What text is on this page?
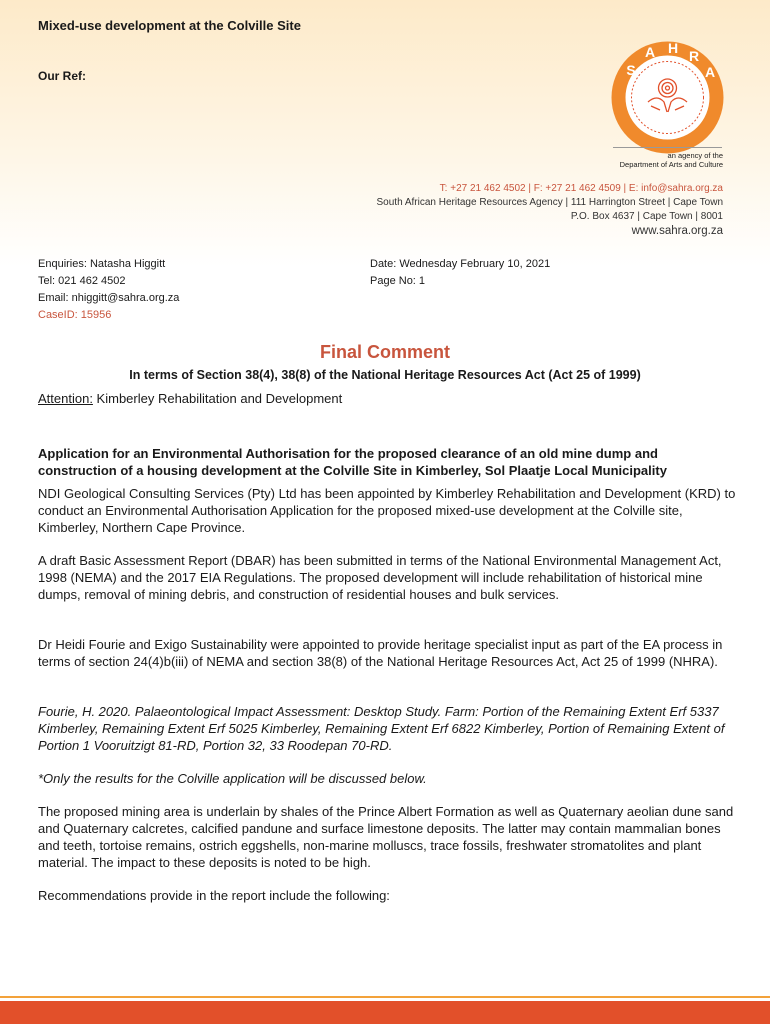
Mixed-use development at the Colville Site
Our Ref:	S
A H R
A
an agency of the
Department of Arts and Culture
T: +27 21 462 4502 | F: +27 21 462 4509 | E: info@sahra.org.za
South African Heritage Resources Agency | 111 Harrington Street | Cape Town
P.O. Box 4637 | Cape Town | 8001
www.sahra.org.za
Enquiries: Natasha Higgitt
Tel: 021 462 4502
Email: nhiggitt@sahra.org.za
CaseID: 15956
Date: Wednesday February 10, 2021
Page No: 1
Final Comment
In terms of Section 38(4), 38(8) of the National Heritage Resources Act (Act 25 of 1999)
Attention: Kimberley Rehabilitation and Development
Application for an Environmental Authorisation for the proposed clearance of an old mine dump and construction of a housing development at the Colville Site in Kimberley, Sol Plaatje Local Municipality
NDI Geological Consulting Services (Pty) Ltd has been appointed by Kimberley Rehabilitation and Development (KRD) to conduct an Environmental Authorisation Application for the proposed mixed-use development at the Colville site, Kimberley, Northern Cape Province.
A draft Basic Assessment Report (DBAR) has been submitted in terms of the National Environmental Management Act, 1998 (NEMA) and the 2017 EIA Regulations. The proposed development will include rehabilitation of historical mine dumps, removal of mining debris, and construction of residential houses and bulk services.
Dr Heidi Fourie and Exigo Sustainability were appointed to provide heritage specialist input as part of the EA process in terms of section 24(4)b(iii) of NEMA and section 38(8) of the National Heritage Resources Act, Act 25 of 1999 (NHRA).
Fourie, H. 2020. Palaeontological Impact Assessment: Desktop Study. Farm: Portion of the Remaining Extent Erf 5337 Kimberley, Remaining Extent Erf 5025 Kimberley, Remaining Extent Erf 6822 Kimberley, Portion of Remaining Extent of Portion 1 Vooruitzigt 81-RD, Portion 32, 33 Roodepan 70-RD.
*Only the results for the Colville application will be discussed below.
The proposed mining area is underlain by shales of the Prince Albert Formation as well as Quaternary aeolian dune sand and Quaternary calcretes, calcified pandune and surface limestone deposits. The latter may contain mammalian bones and teeth, tortoise remains, ostrich eggshells, non-marine molluscs, trace fossils, freshwater stromatolites and plant material. The impact to these deposits is noted to be high.
Recommendations provide in the report include the following:
